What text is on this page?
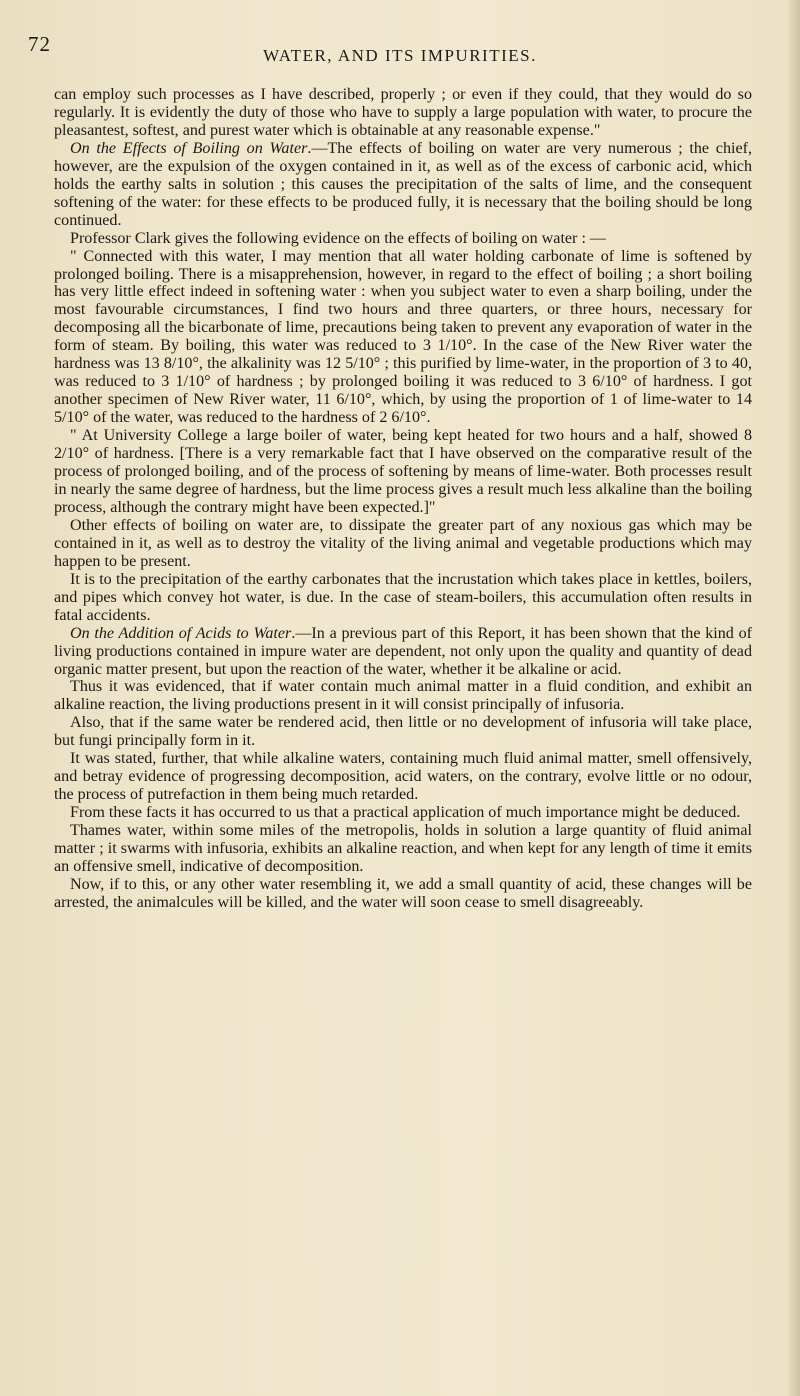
72	WATER, AND ITS IMPURITIES.

can employ such processes as I have described, properly ; or even if they could, that they would do so regularly. It is evidently the duty of those who have to supply a large population with water, to procure the pleasantest, softest, and purest water which is obtainable at any reasonable expense."

On the Effects of Boiling on Water.—The effects of boiling on water are very numerous ; the chief, however, are the expulsion of the oxygen contained in it, as well as of the excess of carbonic acid, which holds the earthy salts in solution ; this causes the precipitation of the salts of lime, and the consequent softening of the water: for these effects to be produced fully, it is necessary that the boiling should be long continued.

Professor Clark gives the following evidence on the effects of boiling on water : —

" Connected with this water, I may mention that all water holding carbonate of lime is softened by prolonged boiling. There is a misapprehension, however, in regard to the effect of boiling ; a short boiling has very little effect indeed in softening water : when you subject water to even a sharp boiling, under the most favourable circumstances, I find two hours and three quarters, or three hours, necessary for decomposing all the bicarbonate of lime, precautions being taken to prevent any evaporation of water in the form of steam. By boiling, this water was reduced to 3 1/10°. In the case of the New River water the hardness was 13 8/10°, the alkalinity was 12 5/10° ; this purified by lime-water, in the proportion of 3 to 40, was reduced to 3 1/10° of hardness ; by prolonged boiling it was reduced to 3 6/10° of hardness. I got another specimen of New River water, 11 6/10°, which, by using the proportion of 1 of lime-water to 14 5/10° of the water, was reduced to the hardness of 2 6/10°.

" At University College a large boiler of water, being kept heated for two hours and a half, showed 8 2/10° of hardness. [There is a very remarkable fact that I have observed on the comparative result of the process of prolonged boiling, and of the process of softening by means of lime-water. Both processes result in nearly the same degree of hardness, but the lime process gives a result much less alkaline than the boiling process, although the contrary might have been expected.]"

Other effects of boiling on water are, to dissipate the greater part of any noxious gas which may be contained in it, as well as to destroy the vitality of the living animal and vegetable productions which may happen to be present.

It is to the precipitation of the earthy carbonates that the incrustation which takes place in kettles, boilers, and pipes which convey hot water, is due. In the case of steam-boilers, this accumulation often results in fatal accidents.

On the Addition of Acids to Water.—In a previous part of this Report, it has been shown that the kind of living productions contained in impure water are dependent, not only upon the quality and quantity of dead organic matter present, but upon the reaction of the water, whether it be alkaline or acid.

Thus it was evidenced, that if water contain much animal matter in a fluid condition, and exhibit an alkaline reaction, the living productions present in it will consist principally of infusoria.

Also, that if the same water be rendered acid, then little or no development of infusoria will take place, but fungi principally form in it.

It was stated, further, that while alkaline waters, containing much fluid animal matter, smell offensively, and betray evidence of progressing decomposition, acid waters, on the contrary, evolve little or no odour, the process of putrefaction in them being much retarded.

From these facts it has occurred to us that a practical application of much importance might be deduced.

Thames water, within some miles of the metropolis, holds in solution a large quantity of fluid animal matter ; it swarms with infusoria, exhibits an alkaline reaction, and when kept for any length of time it emits an offensive smell, indicative of decomposition.

Now, if to this, or any other water resembling it, we add a small quantity of acid, these changes will be arrested, the animalcules will be killed, and the water will soon cease to smell disagreeably.
